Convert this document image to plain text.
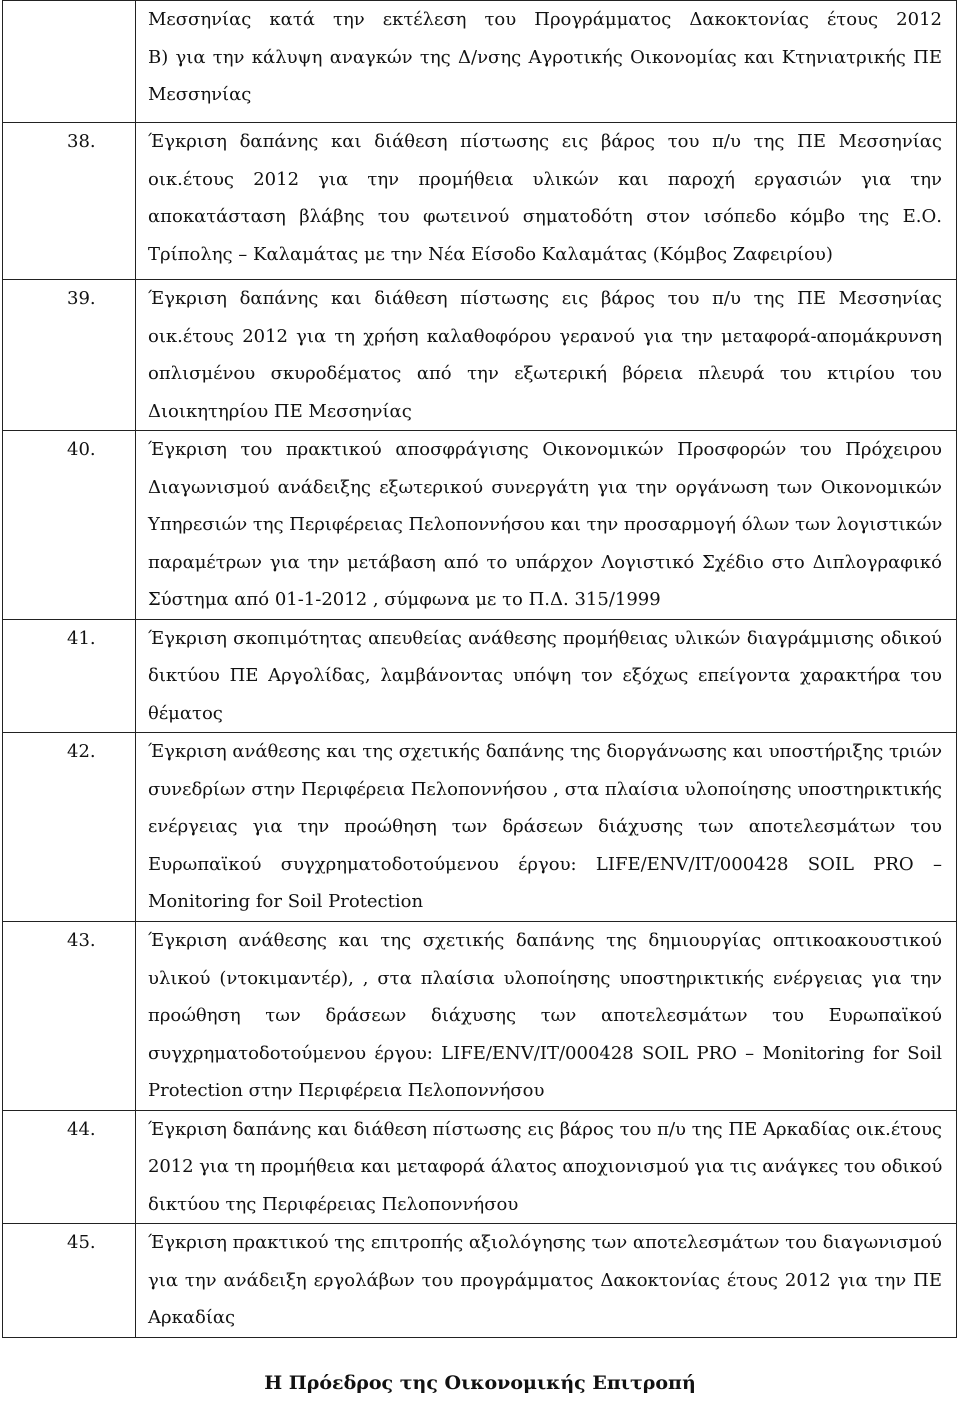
	Μεσσηνίας κατά την εκτέλεση του Προγράμματος Δακοκτονίας έτους 2012
Β) για την κάλυψη αναγκών της Δ/νσης Αγροτικής Οικονομίας και Κτηνιατρικής ΠΕ
Μεσσηνίας

38.	Έγκριση δαπάνης και διάθεση πίστωσης εις βάρος του π/υ της ΠΕ Μεσσηνίας
οικ.έτους 2012 για την προμήθεια υλικών και παροχή εργασιών για την
αποκατάσταση βλάβης του φωτεινού σηματοδότη στον ισόπεδο κόμβο της Ε.Ο.
Τρίπολης – Καλαμάτας με την Νέα Είσοδο Καλαμάτας (Κόμβος Ζαφειρίου)

39.	Έγκριση δαπάνης και διάθεση πίστωσης εις βάρος του π/υ της ΠΕ Μεσσηνίας
οικ.έτους 2012 για τη χρήση καλαθοφόρου γερανού για την μεταφορά-απομάκρυνση
οπλισμένου σκυροδέματος από την εξωτερική βόρεια πλευρά του κτιρίου του
Διοικητηρίου ΠΕ Μεσσηνίας

40.	Έγκριση του πρακτικού αποσφράγισης Οικονομικών Προσφορών του Πρόχειρου
Διαγωνισμού ανάδειξης εξωτερικού συνεργάτη για την οργάνωση των Οικονομικών
Υπηρεσιών της Περιφέρειας Πελοποννήσου και την προσαρμογή όλων των λογιστικών
παραμέτρων για την μετάβαση από το υπάρχον Λογιστικό Σχέδιο στο Διπλογραφικό
Σύστημα από 01-1-2012 , σύμφωνα με το Π.Δ. 315/1999

41.	Έγκριση σκοπιμότητας απευθείας ανάθεσης προμήθειας υλικών διαγράμμισης οδικού
δικτύου ΠΕ Αργολίδας, λαμβάνοντας υπόψη τον εξόχως επείγοντα χαρακτήρα του
θέματος

42.	Έγκριση ανάθεσης και της σχετικής δαπάνης της διοργάνωσης και υποστήριξης τριών
συνεδρίων στην Περιφέρεια Πελοποννήσου , στα πλαίσια υλοποίησης υποστηρικτικής
ενέργειας για την προώθηση των δράσεων διάχυσης των αποτελεσμάτων του
Ευρωπαϊκού συγχρηματοδοτούμενου έργου: LIFE/ENV/IT/000428 SOIL PRO –
Monitoring for Soil Protection

43.	Έγκριση ανάθεσης και της σχετικής δαπάνης της δημιουργίας οπτικοακουστικού
υλικού (ντοκιμαντέρ), , στα πλαίσια υλοποίησης υποστηρικτικής ενέργειας για την
προώθηση των δράσεων διάχυσης των αποτελεσμάτων του Ευρωπαϊκού
συγχρηματοδοτούμενου έργου: LIFE/ENV/IT/000428 SOIL PRO – Monitoring for Soil
Protection στην Περιφέρεια Πελοποννήσου

44.	Έγκριση δαπάνης και διάθεση πίστωσης εις βάρος του π/υ της ΠΕ Αρκαδίας οικ.έτους
2012 για τη προμήθεια και μεταφορά άλατος αποχιονισμού για τις ανάγκες του οδικού
δικτύου της Περιφέρειας Πελοποννήσου

45.	Έγκριση πρακτικού της επιτροπής αξιολόγησης των αποτελεσμάτων του διαγωνισμού
για την ανάδειξη εργολάβων του προγράμματος Δακοκτονίας έτους 2012 για την ΠΕ
Αρκαδίας
Η Πρόεδρος της Οικονομικής Επιτροπή
